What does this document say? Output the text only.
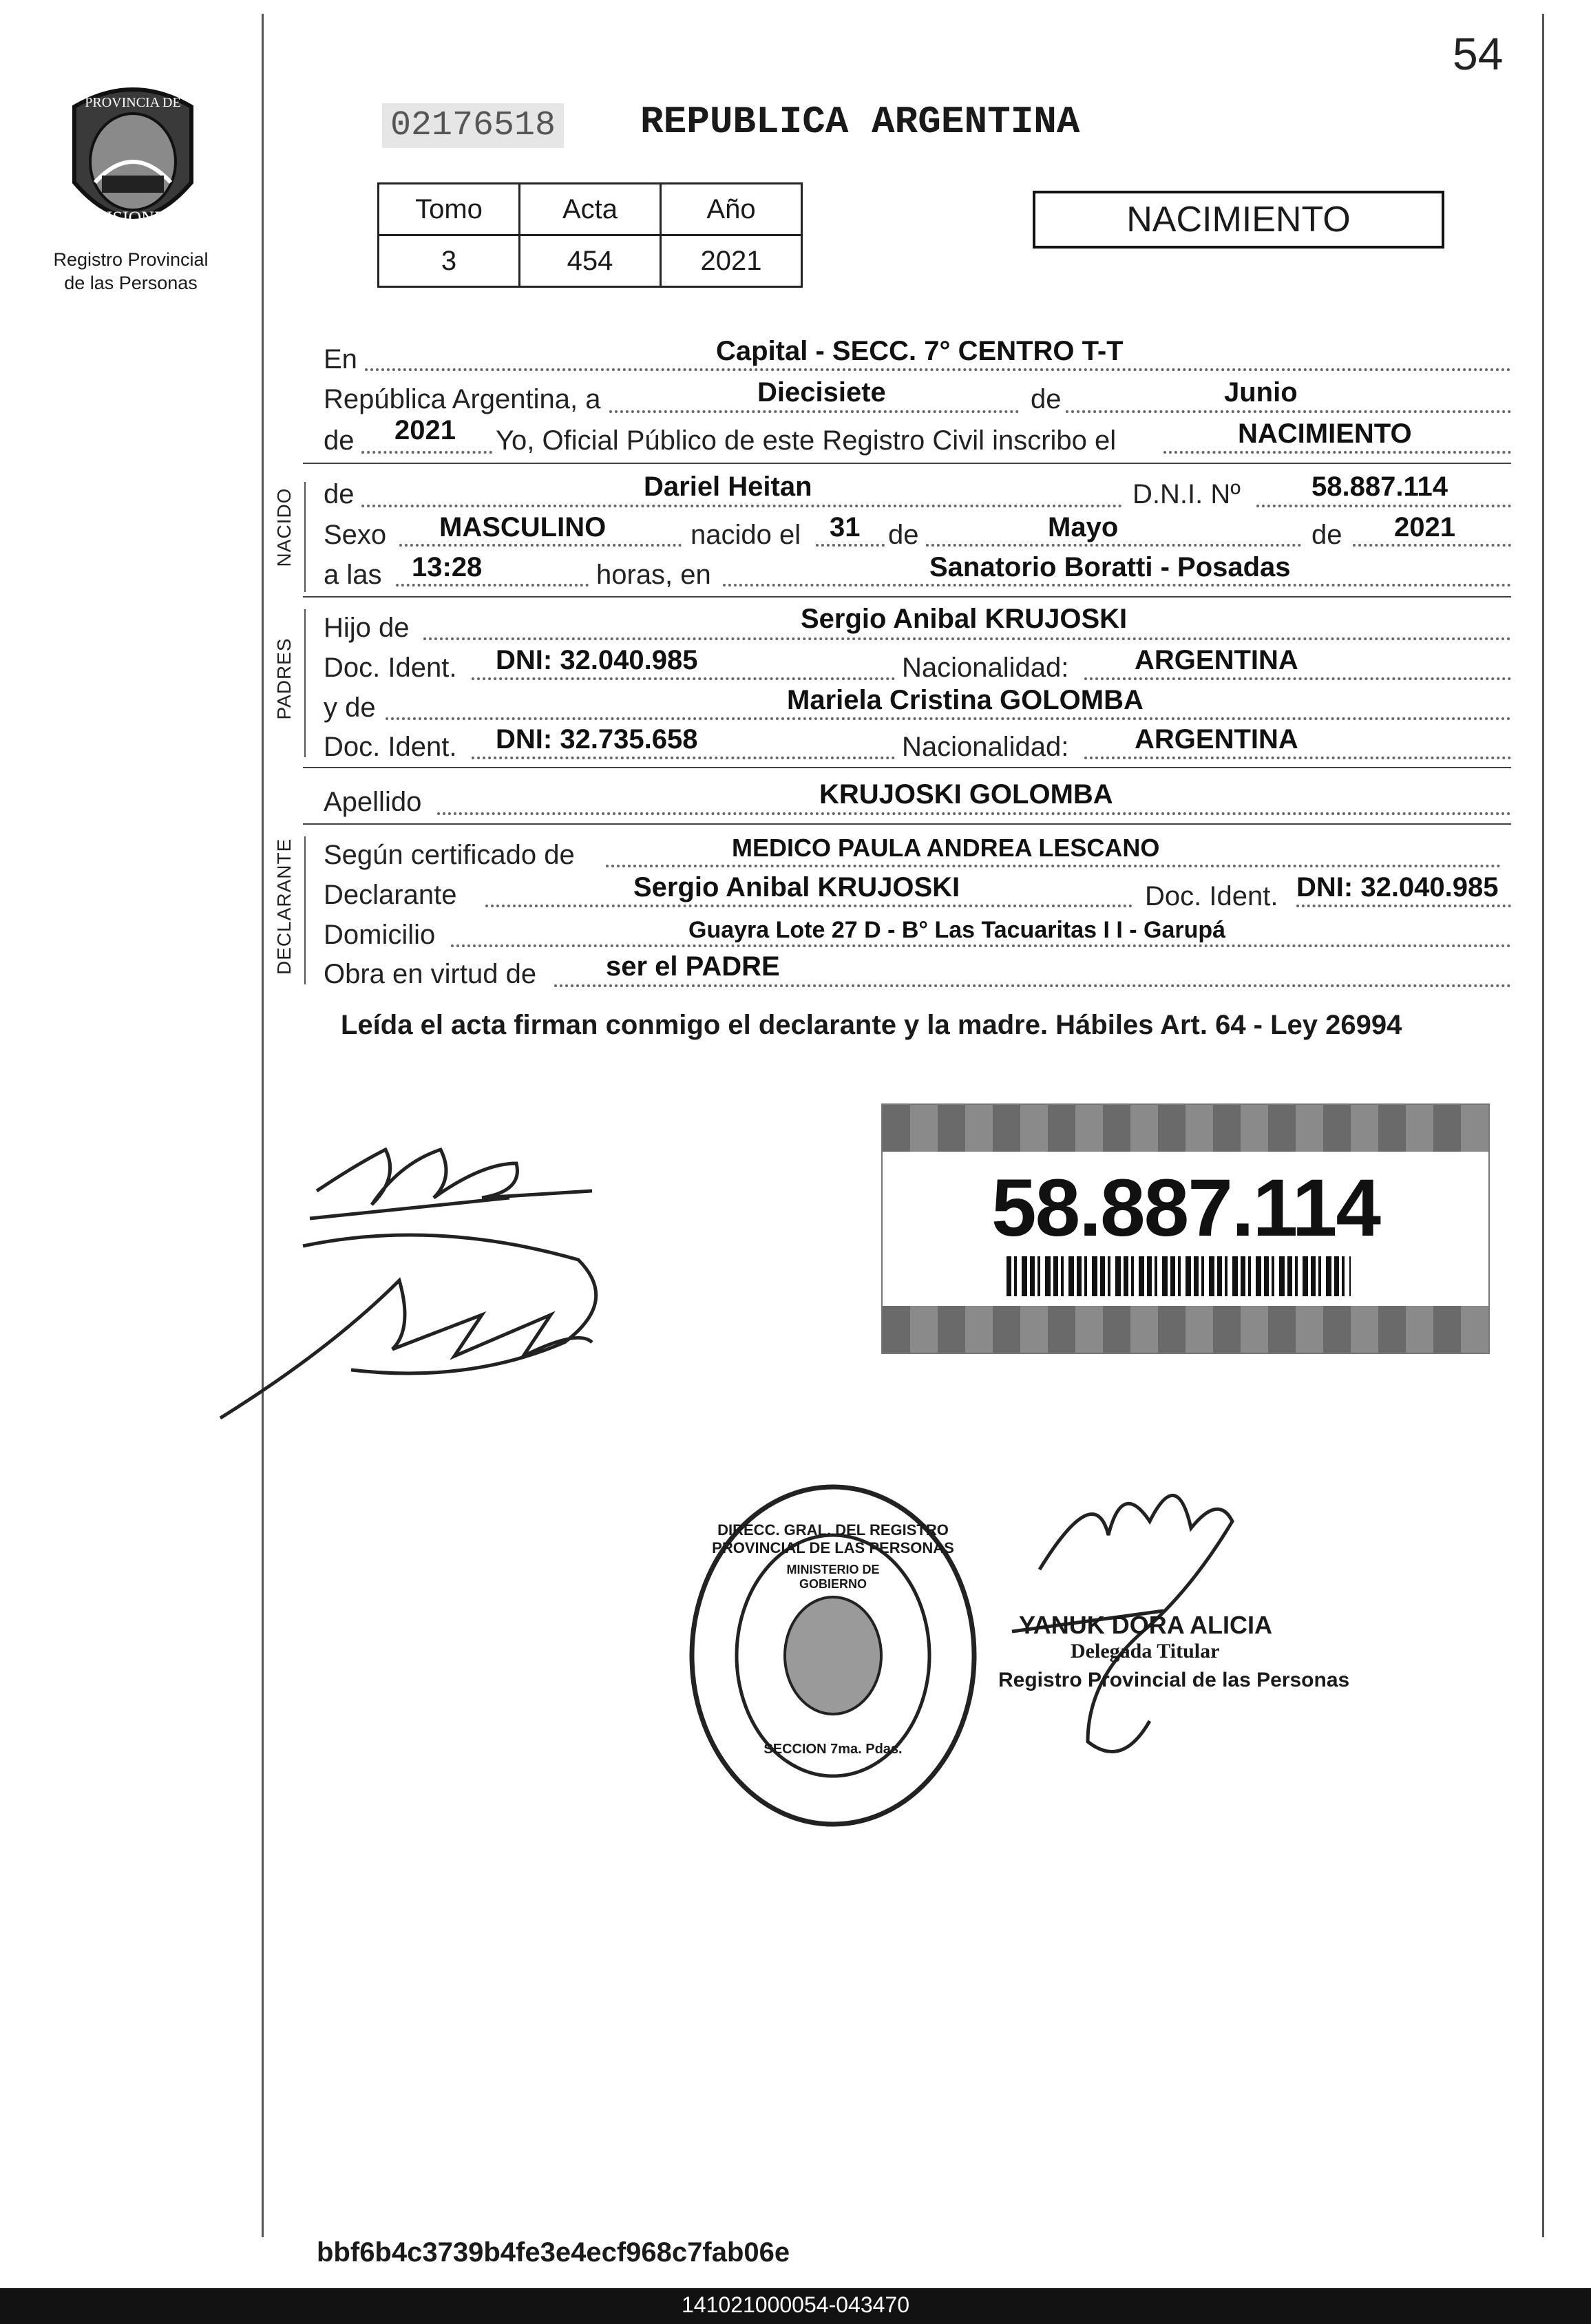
54
PROVINCIA DE
MISIONES
Registro Provincial
de las Personas
02176518 REPUBLICA ARGENTINA
Tomo	Acta	Año
3	454	2021
NACIMIENTO
En	Capital - SECC. 7° CENTRO T-T
República Argentina, a	Diecisiete	de	Junio
de 2021 Yo, Oficial Público de este Registro Civil inscribo el	NACIMIENTO
NACIDO de	Dariel Heitan	D.N.I. Nº	58.887.114
Sexo MASCULINO	nacido el 31 de	Mayo	de 2021
a las 13:28	horas, en	Sanatorio Boratti - Posadas
PADRES
Hijo de	Sergio Anibal KRUJOSKI
Doc. Ident. DNI: 32.040.985	Nacionalidad: ARGENTINA
y de	Mariela Cristina GOLOMBA
Doc. Ident. DNI: 32.735.658	Nacionalidad: ARGENTINA
Apellido	KRUJOSKI GOLOMBA
DECLARANTE Según certificado de	MEDICO PAULA ANDREA LESCANO
Declarante	Sergio Anibal KRUJOSKI	Doc. Ident. DNI: 32.040.985
Domicilio	Guayra Lote 27 D - B° Las Tacuaritas I I - Garupá
Obra en virtud de	ser el PADRE
Leída el acta firman conmigo el declarante y la madre. Hábiles Art. 64 - Ley 26994
58.887.114
DIRECC. GRAL. DEL REGISTRO PROVINCIAL DE LAS PERSONAS
MINISTERIO DE GOBIERNO
SECCION 7ma. Pdas.
YANUK DORA ALICIA
Delegada Titular
Registro Provincial de las Personas
bbf6b4c3739b4fe3e4ecf968c7fab06e
141021000054-043470
